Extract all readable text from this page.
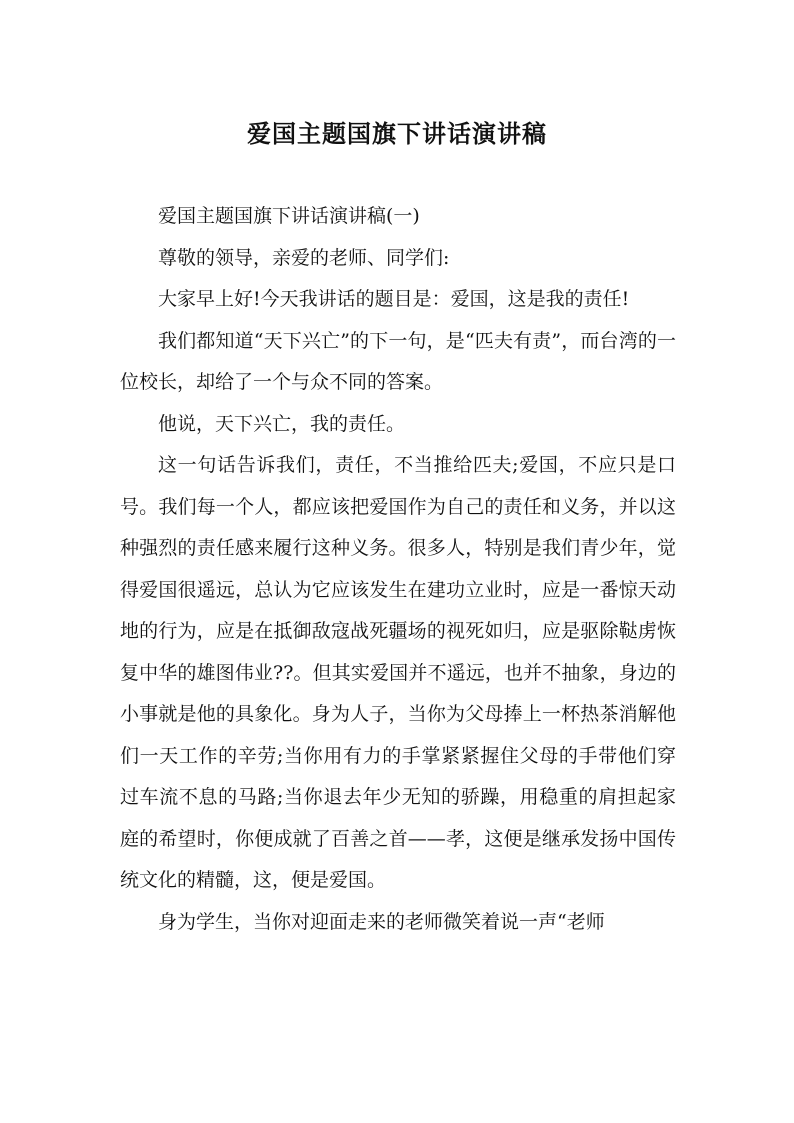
爱国主题国旗下讲话演讲稿

爱国主题国旗下讲话演讲稿(一)

尊敬的领导，亲爱的老师、同学们:

大家早上好!今天我讲话的题目是：爱国，这是我的责任!

我们都知道“天下兴亡”的下一句，是“匹夫有责”，而台湾的一位校长，却给了一个与众不同的答案。

他说，天下兴亡，我的责任。

这一句话告诉我们，责任，不当推给匹夫;爱国，不应只是口号。我们每一个人，都应该把爱国作为自己的责任和义务，并以这种强烈的责任感来履行这种义务。很多人，特别是我们青少年，觉得爱国很遥远，总认为它应该发生在建功立业时，应是一番惊天动地的行为，应是在抵御敌寇战死疆场的视死如归，应是驱除鞑虏恢复中华的雄图伟业??。但其实爱国并不遥远，也并不抽象，身边的小事就是他的具象化。身为人子，当你为父母捧上一杯热茶消解他们一天工作的辛劳;当你用有力的手掌紧紧握住父母的手带他们穿过车流不息的马路;当你退去年少无知的骄躁，用稳重的肩担起家庭的希望时，你便成就了百善之首——孝，这便是继承发扬中国传统文化的精髓，这，便是爱国。

身为学生，当你对迎面走来的老师微笑着说一声“老师
